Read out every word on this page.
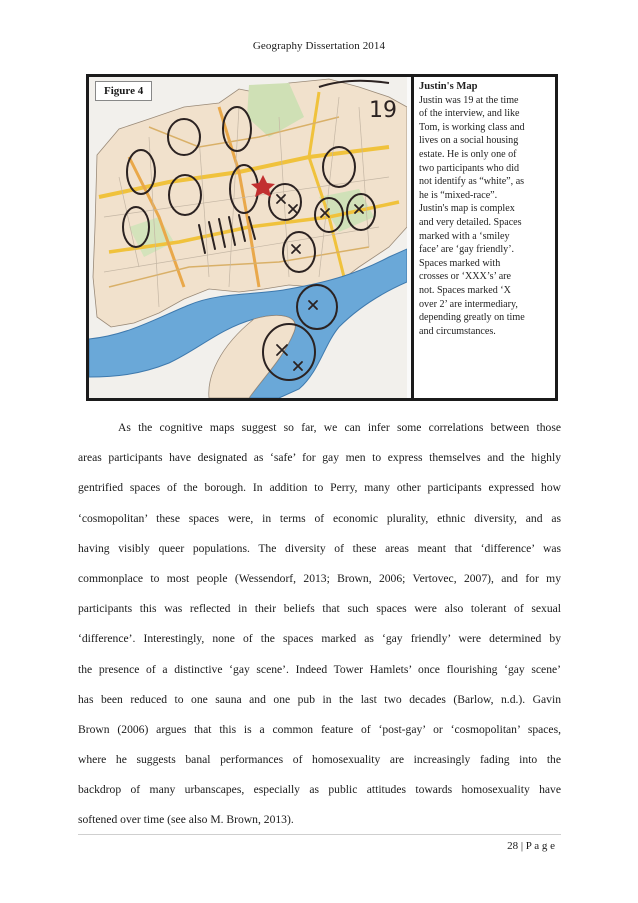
Geography Dissertation 2014
19
Figure 4	Justin's Map
Justin was 19 at the time
of the interview, and like
Tom, is working class and
lives on a social housing
estate. He is only one of
two participants who did
not identify as “white”, as
he is “mixed-race”.
Justin's map is complex
and very detailed. Spaces
marked with a ‘smiley
face’ are ‘gay friendly’.
Spaces marked with
crosses or ‘XXX’s’ are
not. Spaces marked ‘X
over 2’ are intermediary,
depending greatly on time
and circumstances.
As the cognitive maps suggest so far, we can infer some correlations between those
areas participants have designated as ‘safe’ for gay men to express themselves and the highly
gentrified spaces of the borough. In addition to Perry, many other participants expressed how
‘cosmopolitan’ these spaces were, in terms of economic plurality, ethnic diversity, and as
having visibly queer populations. The diversity of these areas meant that ‘difference’ was
commonplace to most people (Wessendorf, 2013; Brown, 2006; Vertovec, 2007), and for my
participants this was reflected in their beliefs that such spaces were also tolerant of sexual
‘difference’. Interestingly, none of the spaces marked as ‘gay friendly’ were determined by
the presence of a distinctive ‘gay scene’. Indeed Tower Hamlets’ once flourishing ‘gay scene’
has been reduced to one sauna and one pub in the last two decades (Barlow, n.d.). Gavin
Brown (2006) argues that this is a common feature of ‘post-gay’ or ‘cosmopolitan’ spaces,
where he suggests banal performances of homosexuality are increasingly fading into the
backdrop of many urbanscapes, especially as public attitudes towards homosexuality have
softened over time (see also M. Brown, 2013).
28 | P a g e
